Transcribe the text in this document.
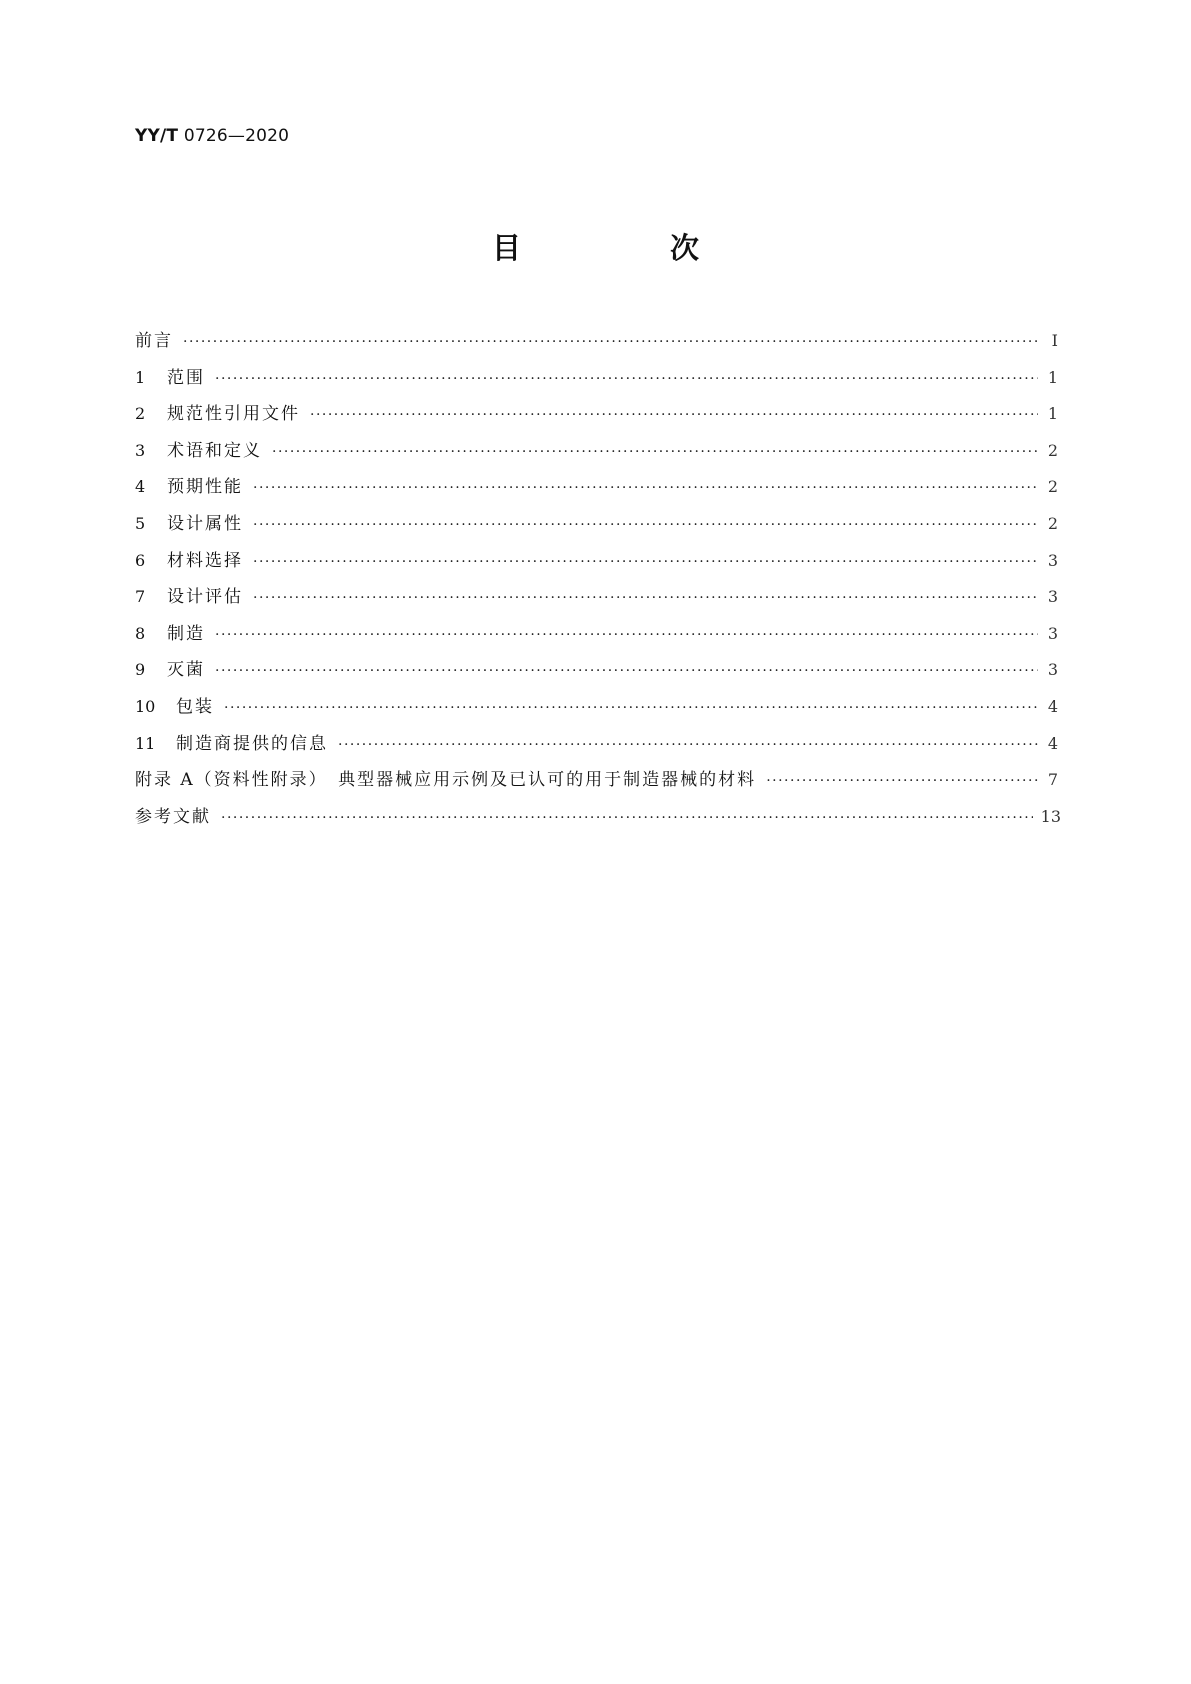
YY/T 0726—2020
目　次
前言 ·····	Ⅰ
1	范围 ·····	1
2	规范性引用文件 ·····	1
3	术语和定义 ·····	2
4	预期性能 ·····	2
5	设计属性 ·····	2
6	材料选择 ·····	3
7	设计评估 ·····	3
8	制造 ·····	3
9	灭菌 ·····	3
10	包装 ·····	4
11	制造商提供的信息 ·····	4
附录 A（资料性附录）　典型器械应用示例及已认可的用于制造器械的材料 ·····	7
参考文献 ·····	13
